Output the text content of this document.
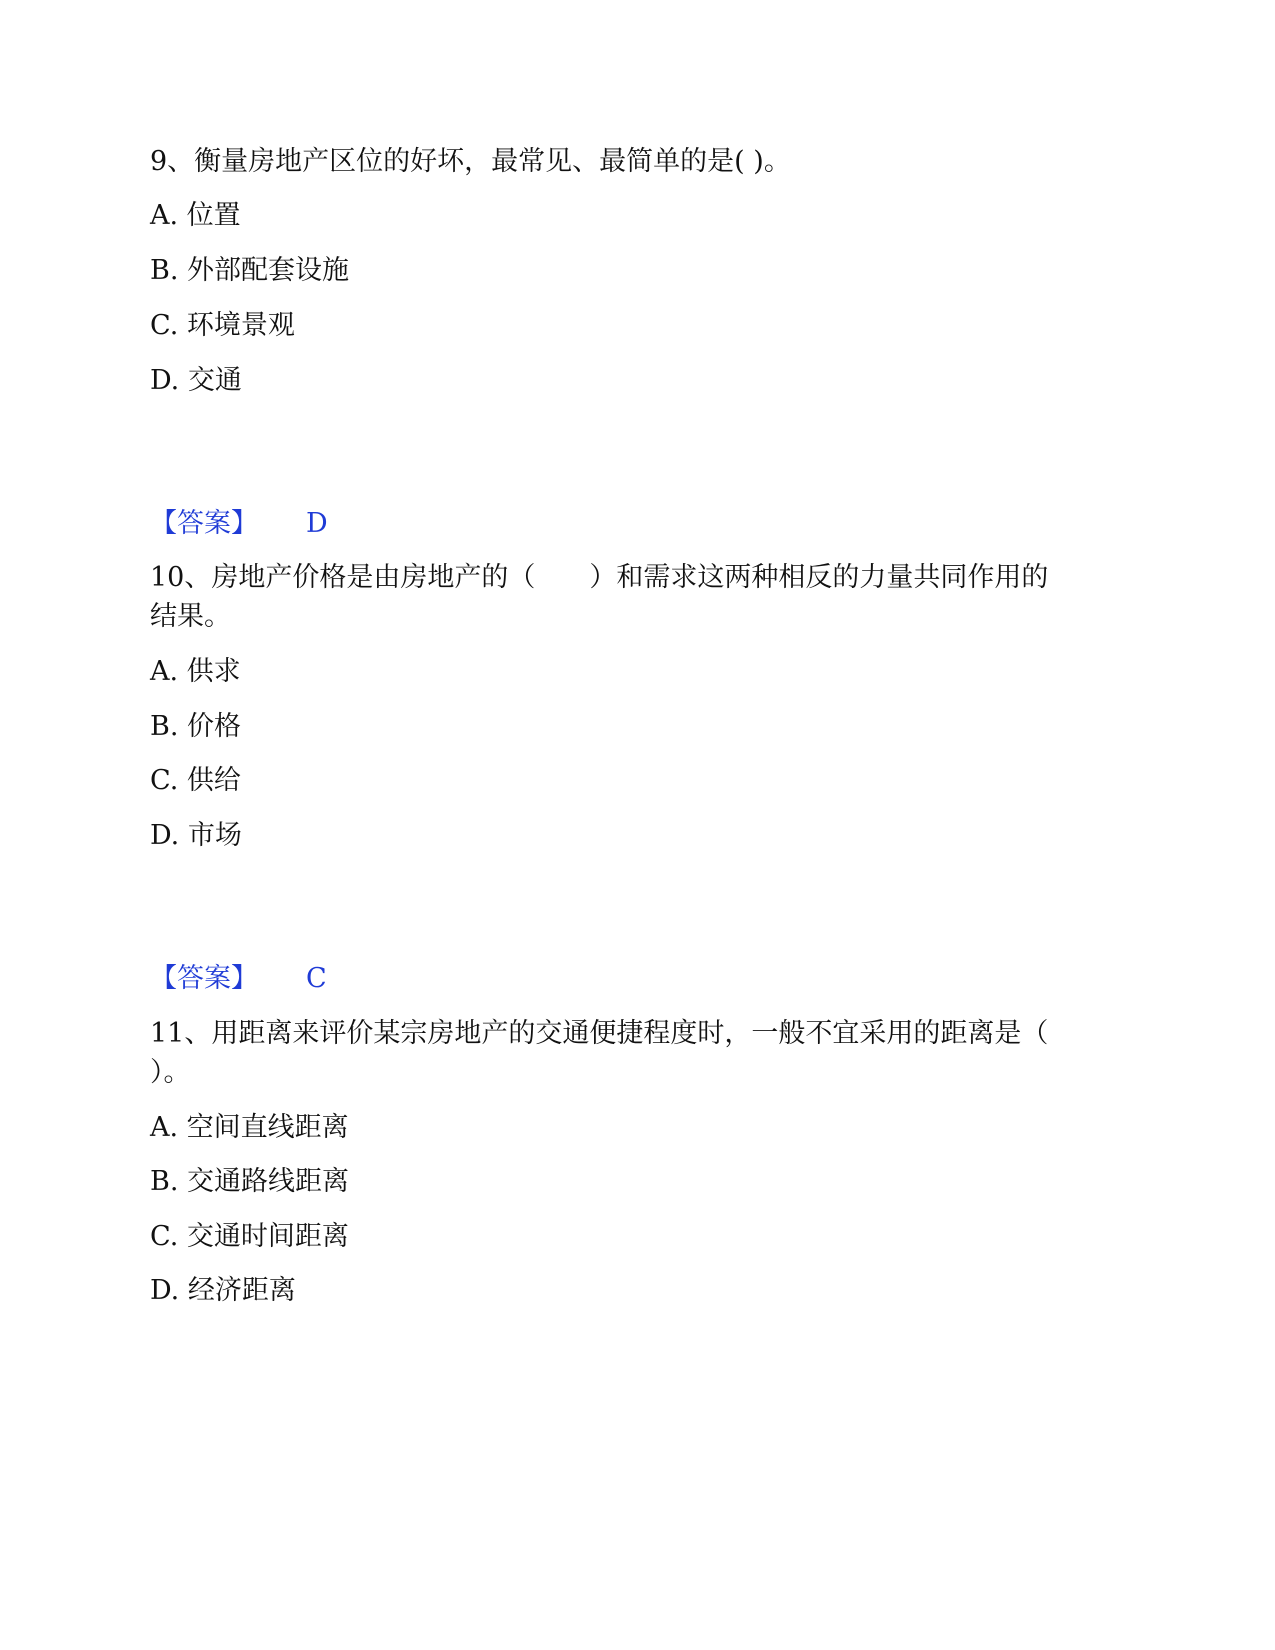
9、衡量房地产区位的好坏，最常见、最简单的是( )。
A. 位置
B. 外部配套设施
C. 环境景观
D. 交通
【答案】 D
10、房地产价格是由房地产的（　　）和需求这两种相反的力量共同作用的
结果。
A. 供求
B. 价格
C. 供给
D. 市场
【答案】 C
11、用距离来评价某宗房地产的交通便捷程度时，一般不宜采用的距离是（
）。
A. 空间直线距离
B. 交通路线距离
C. 交通时间距离
D. 经济距离
